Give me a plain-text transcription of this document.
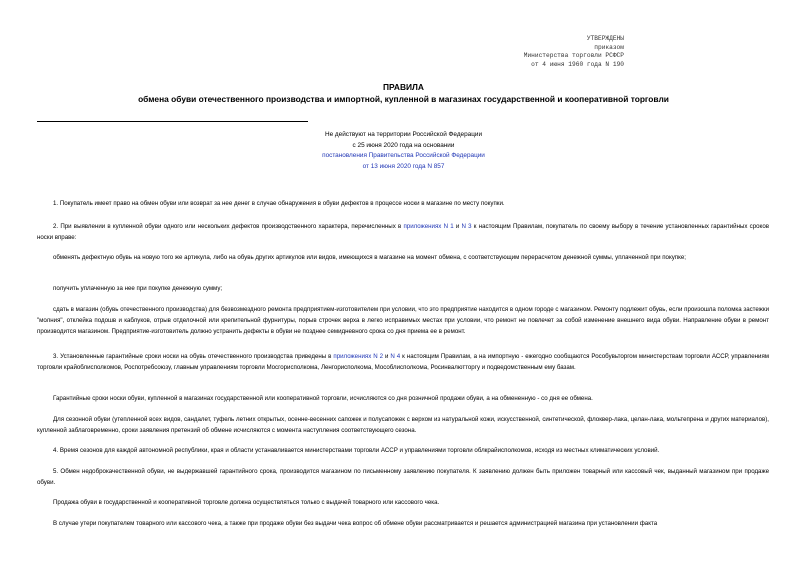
УТВЕРЖДЕНЫ
приказом
Министерства торговли РСФСР
от 4 июня 1960 года N 190
ПРАВИЛА
обмена обуви отечественного производства и импортной, купленной в магазинах государственной и кооперативной торговли
Не действуют на территории Российской Федерации
с 25 июня 2020 года на основании
постановления Правительства Российской Федерации
от 13 июня 2020 года N 857

1. Покупатель имеет право на обмен обуви или возврат за нее денег в случае обнаружения в обуви дефектов в процессе носки в магазине по месту покупки.

2. При выявлении в купленной обуви одного или нескольких дефектов производственного характера, перечисленных в приложениях N 1 и N 3 к настоящим Правилам, покупатель по своему выбору в течение установленных гарантийных сроков носки вправе:

обменять дефектную обувь на новую того же артикула, либо на обувь других артикулов или видов, имеющихся в магазине на момент обмена, с соответствующим перерасчетом денежной суммы, уплаченной при покупке;

получить уплаченную за нее при покупке денежную сумму;

сдать в магазин (обувь отечественного производства) для безвозмездного ремонта предприятием-изготовителем при условии, что это предприятие находится в одном городе с магазином. Ремонту подлежит обувь, если произошла поломка застежки "молния", отклейка подошв и каблуков, отрыв отделочной или крепительной фурнитуры, порыв строчек верха в легко исправимых местах при условии, что ремонт не повлечет за собой изменение внешнего вида обуви. Направление обуви в ремонт производится магазином. Предприятие-изготовитель должно устранить дефекты в обуви не позднее семидневного срока со дня приема ее в ремонт.

3. Установленные гарантийные сроки носки на обувь отечественного производства приведены в приложениях N 2 и N 4 к настоящим Правилам, а на импортную - ежегодно сообщаются Рособувьторгом министерствам торговли АССР, управлениям торговли крайоблисполкомов, Роспотребсоюзу, главным управлениям торговли Мосгорисполкома, Ленгорисполкома, Мособлисполкома, Росинвалютторгу и подведомственным ему базам.

Гарантийные сроки носки обуви, купленной в магазинах государственной или кооперативной торговли, исчисляются со дня розничной продажи обуви, а на обмененную - со дня ее обмена.

Для сезонной обуви (утепленной всех видов, сандалет, туфель летних открытых, осенне-весенних сапожек и полусапожек с верхом из натуральной кожи, искусственной, синтетической, флоквер-лака, целан-лака, мольтепрена и других материалов), купленной заблаговременно, сроки заявления претензий об обмене исчисляются с момента наступления соответствующего сезона.

4. Время сезонов для каждой автономной республики, края и области устанавливается министерствами торговли АССР и управлениями торговли облкрайисполкомов, исходя из местных климатических условий.

5. Обмен недоброкачественной обуви, не выдержавшей гарантийного срока, производится магазином по письменному заявлению покупателя. К заявлению должен быть приложен товарный или кассовый чек, выданный магазином при продаже обуви.

Продажа обуви в государственной и кооперативной торговле должна осуществляться только с выдачей товарного или кассового чека.

В случае утери покупателем товарного или кассового чека, а также при продаже обуви без выдачи чека вопрос об обмене обуви рассматривается и решается администрацией магазина при установлении факта
